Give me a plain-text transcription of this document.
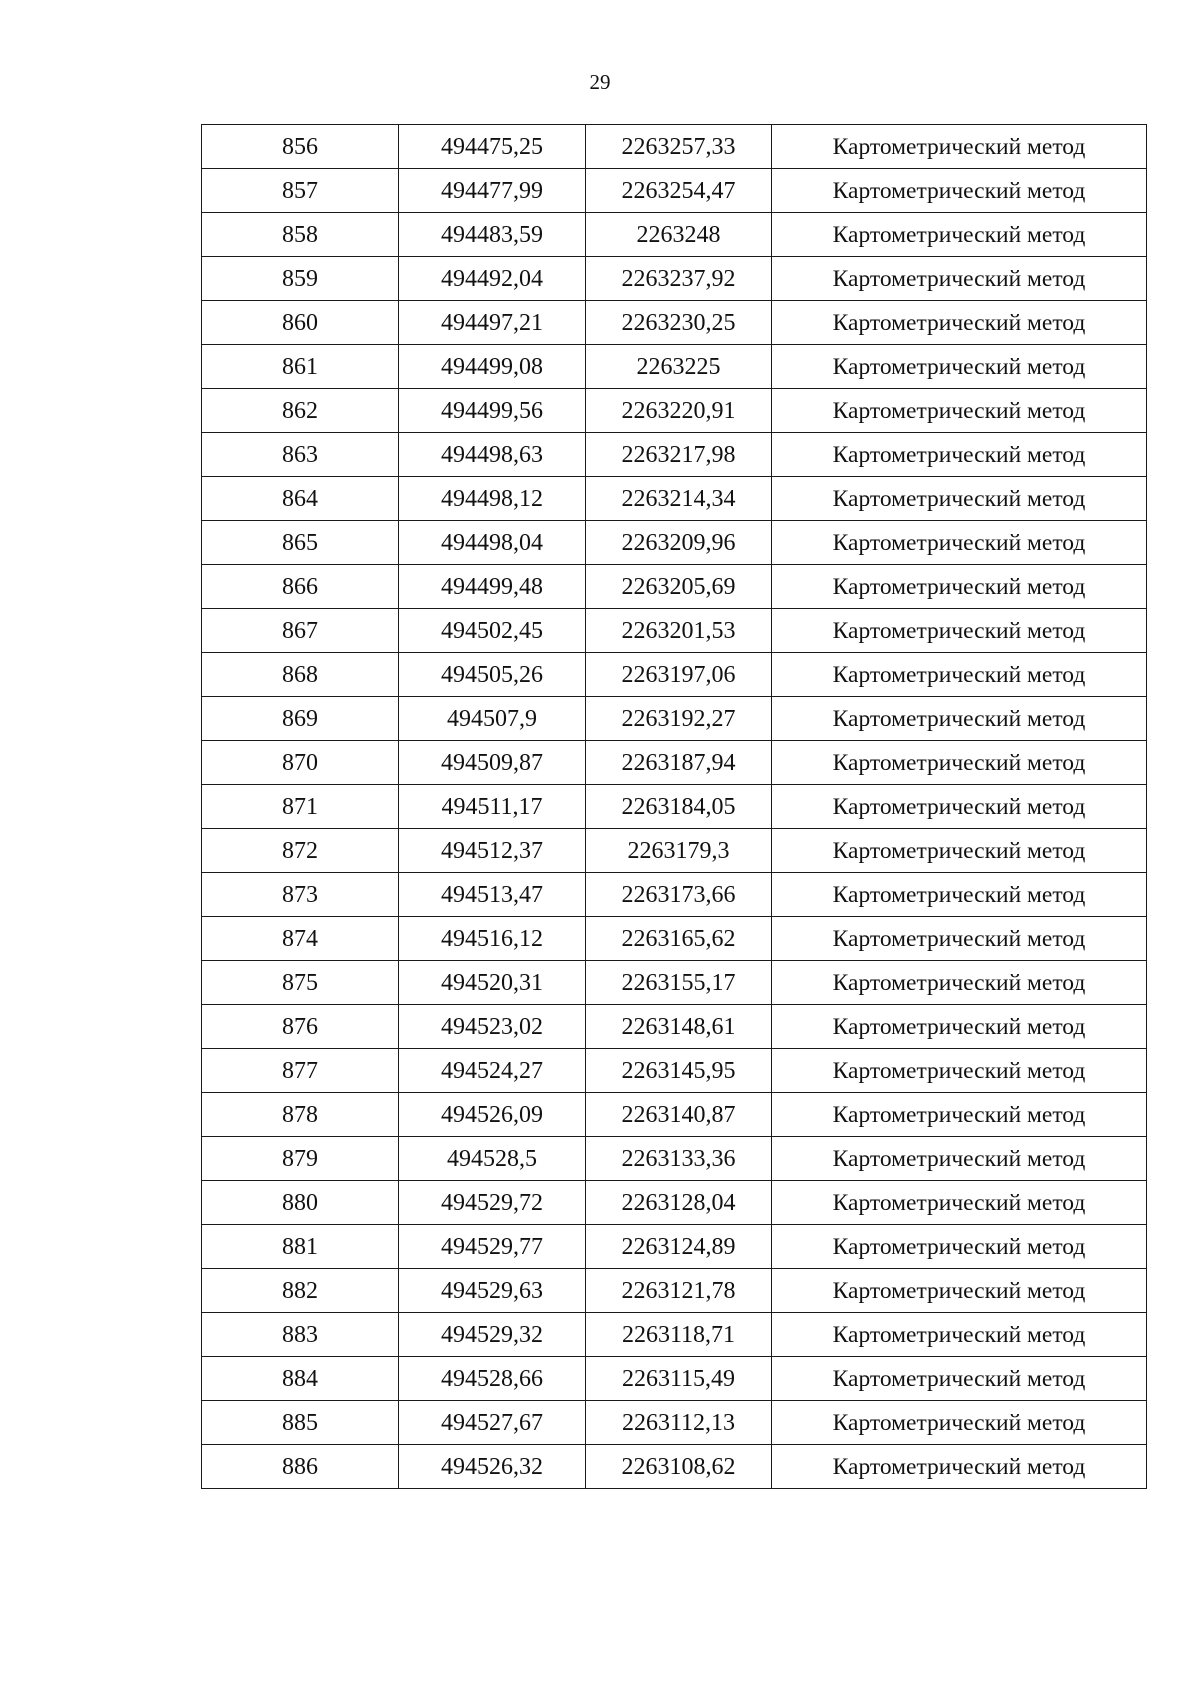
29
856	494475,25	2263257,33	Картометрический метод
857	494477,99	2263254,47	Картометрический метод
858	494483,59	2263248	Картометрический метод
859	494492,04	2263237,92	Картометрический метод
860	494497,21	2263230,25	Картометрический метод
861	494499,08	2263225	Картометрический метод
862	494499,56	2263220,91	Картометрический метод
863	494498,63	2263217,98	Картометрический метод
864	494498,12	2263214,34	Картометрический метод
865	494498,04	2263209,96	Картометрический метод
866	494499,48	2263205,69	Картометрический метод
867	494502,45	2263201,53	Картометрический метод
868	494505,26	2263197,06	Картометрический метод
869	494507,9	2263192,27	Картометрический метод
870	494509,87	2263187,94	Картометрический метод
871	494511,17	2263184,05	Картометрический метод
872	494512,37	2263179,3	Картометрический метод
873	494513,47	2263173,66	Картометрический метод
874	494516,12	2263165,62	Картометрический метод
875	494520,31	2263155,17	Картометрический метод
876	494523,02	2263148,61	Картометрический метод
877	494524,27	2263145,95	Картометрический метод
878	494526,09	2263140,87	Картометрический метод
879	494528,5	2263133,36	Картометрический метод
880	494529,72	2263128,04	Картометрический метод
881	494529,77	2263124,89	Картометрический метод
882	494529,63	2263121,78	Картометрический метод
883	494529,32	2263118,71	Картометрический метод
884	494528,66	2263115,49	Картометрический метод
885	494527,67	2263112,13	Картометрический метод
886	494526,32	2263108,62	Картометрический метод
